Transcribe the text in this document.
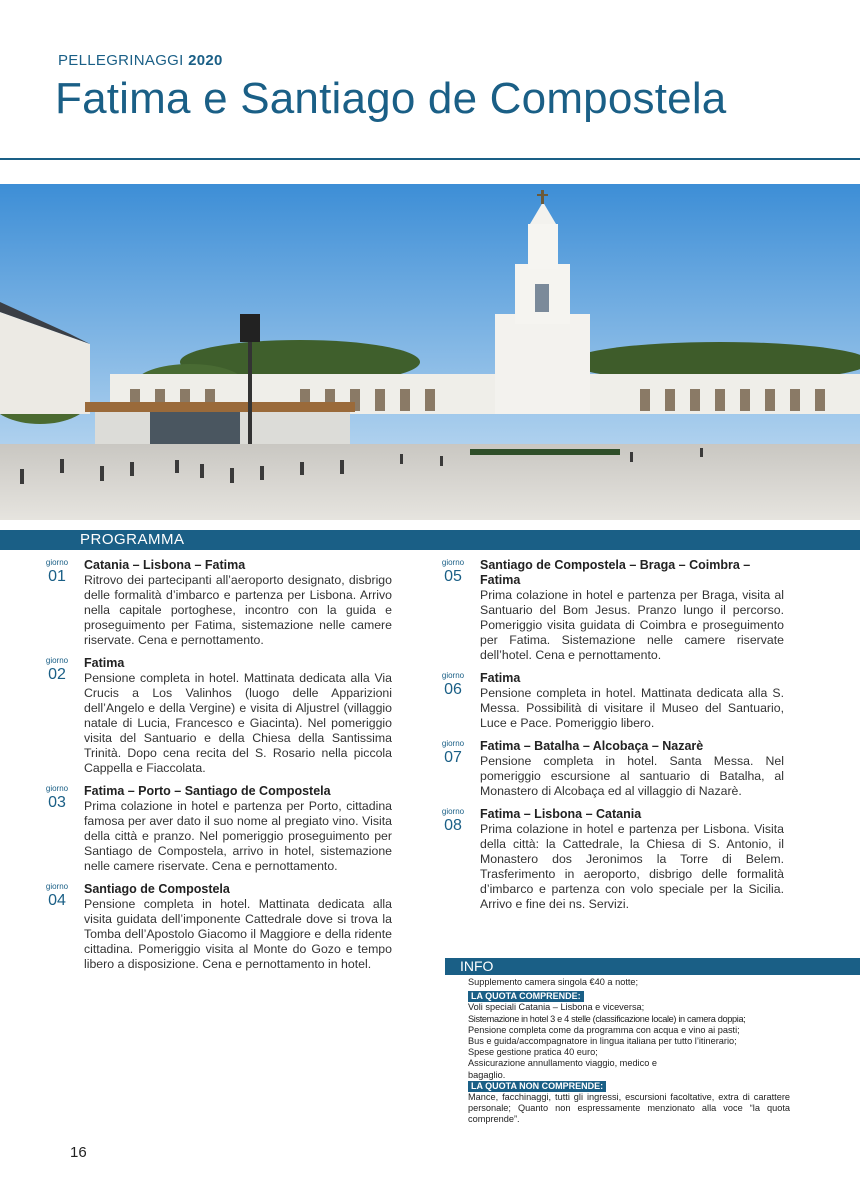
PELLEGRINAGGI 2020
Fatima e Santiago de Compostela
PROGRAMMA
giorno
01
Catania – Lisbona – Fatima
Ritrovo dei partecipanti all’aeroporto designato, disbrigo delle formalità d’imbarco e partenza per Lisbona. Arrivo nella capitale portoghese, incontro con la guida e proseguimento per Fatima, sistemazione nelle camere riservate. Cena e pernottamento.
giorno
02
Fatima
Pensione completa in hotel. Mattinata dedicata alla Via Crucis a Los Valinhos (luogo delle Apparizioni dell’Angelo e della Vergine) e visita di Aljustrel (villaggio natale di Lucia, Francesco e Giacinta). Nel pomeriggio visita del Santuario e della Chiesa della Santissima Trinità. Dopo cena recita del S. Rosario nella piccola Cappella e Fiaccolata.
giorno
03
Fatima – Porto – Santiago de Compostela
Prima colazione in hotel e partenza per Porto, cittadina famosa per aver dato il suo nome al pregiato vino. Visita della città e pranzo. Nel pomeriggio proseguimento per Santiago de Compostela, arrivo in hotel, sistemazione nelle camere riservate. Cena e pernottamento.
giorno
04
Santiago de Compostela
Pensione completa in hotel. Mattinata dedicata alla visita guidata dell’imponente Cattedrale dove si trova la Tomba dell’Apostolo Giacomo il Maggiore e della ridente cittadina. Pomeriggio visita al Monte do Gozo e tempo libero a disposizione. Cena e pernottamento in hotel.
giorno
05
Santiago de Compostela – Braga – Coimbra – Fatima
Prima colazione in hotel e partenza per Braga, visita al Santuario del Bom Jesus. Pranzo lungo il percorso. Pomeriggio visita guidata di Coimbra e proseguimento per Fatima. Sistemazione nelle camere riservate dell’hotel. Cena e pernottamento.
giorno
06
Fatima
Pensione completa in hotel. Mattinata dedicata alla S. Messa. Possibilità di visitare il Museo del Santuario, Luce e Pace. Pomeriggio libero.
giorno
07
Fatima – Batalha – Alcobaça – Nazarè
Pensione completa in hotel. Santa Messa. Nel pomeriggio escursione al santuario di Batalha, al Monastero di Alcobaça ed al villaggio di Nazarè.
giorno
08
Fatima – Lisbona – Catania
Prima colazione in hotel e partenza per Lisbona. Visita della città: la Cattedrale, la Chiesa di S. Antonio, il Monastero dos Jeronimos la Torre di Belem. Trasferimento in aeroporto, disbrigo delle formalità d’imbarco e partenza con volo speciale per la Sicilia. Arrivo e fine dei ns. Servizi.
INFO

Supplemento camera singola €40 a notte;

LA QUOTA COMPRENDE:

Voli speciali Catania – Lisbona e viceversa;

Sistemazione in hotel 3 e 4 stelle (classificazione locale) in camera doppia;

Pensione completa come da programma con acqua e vino ai pasti;

Bus e guida/accompagnatore in lingua italiana per tutto l’itinerario;

Spese gestione pratica 40 euro;

Assicurazione annullamento viaggio, medico e

bagaglio.

LA QUOTA NON COMPRENDE:

Mance, facchinaggi, tutti gli ingressi, escursioni facoltative, extra di carattere personale; Quanto non espressamente menzionato alla voce “la quota comprende”.

16
